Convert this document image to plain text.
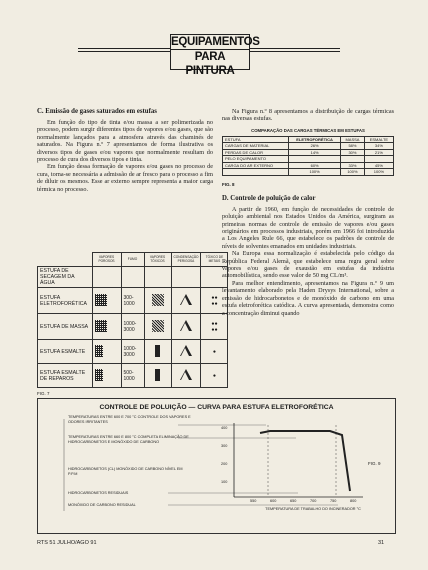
EQUIPAMENTOS
PARA PINTURA
C. Emissão de gases saturados em estufas

Em função do tipo de tinta e/ou massa a ser polimerizada no processo, podem surgir diferentes tipos de vapores e/ou gases, que são normalmente lançados para a atmosfera através das chaminés de saturados. Na Figura n.º 7 apresentamos de forma ilustrativa os diversos tipos de gases e/ou vapores que normalmente resultam do processo de cura dos diversos tipos e tinta.

Em função dessa formação de vapores e/ou gases no processo de cura, torna-se necessária a admissão de ar fresco para o processo a fim de diluir os mesmos. Esse ar externo sempre representa a maior carga térmica no processo.

	VAPORES POROSOS	FUMO	VAPORES TÓXICOS	CONDENSAÇÃO PERIGOSA	TÓXICO DE METAIS
ESTUFA DE SECAGEM DA ÁGUA					
ESTUFA ELETROFORÉTICA		300-1000			●●
●●
ESTUFA DE MASSA		1000-3000			●●
●●
ESTUFA ESMALTE		1000-3000			●
ESTUFA ESMALTE DE REPAROS		500-1000			●
FIG. 7

Na Figura n.º 8 apresentamos a distribuição de cargas térmicas nas diversas estufas.

COMPARAÇÃO DAS CARGAS TÉRMICAS EM ESTUFAS
ESTUFA	ELETROFORÉTICA	MASSA	ESMALTE
CARGAS DE MATERIAL	26%	58%	34%
PERDAS DE CALOR	14%	30%	21%
PELO EQUIPAMENTO			
CARGA DO AR EXTERNO	60%	33%	45%
	100%	100%	100%
FIG. 8
D. Controle de poluição de calor

A partir de 1960, em função de necessidades de controle de poluição ambiental nos Estados Unidos da América, surgiram as primeiras normas de controle de emissão de vapores e/ou gases originários em processos industriais, porém em 1966 foi introduzida a Los Angeles Rule 66, que estabelece os padrões de controle de níveis de solventes emanados em unidades industriais.

Na Europa essa normalização é estabelecida pelo código da República Federal Alemã, que estabelece uma regra geral sobre vapores e/ou gases de exaustão em estufas da indústria automobilística, sendo esse valor de 50 mg CL/m³.

Para melhor entendimento, apresentamos na Figura n.º 9 um levantamento elaborado pela Haden Drysys International, sobre a emissão de hidrocarbonetos e de monóxido de carbono em uma estufa eletroforética catódica. A curva apresentada, demonstra como a concentração diminui quando

CONTROLE DE POLUIÇÃO — CURVA PARA ESTUFA ELETROFORÉTICA
TEMPERATURAS ENTRE 600 E 700 °C CONTROLE DOS VAPORES E ODORES IRRITANTES
TEMPERATURAS ENTRE 660 E 800 °C COMPLETA ELIMINAÇÃO DE HIDROCARBONETOS E MONÓXIDO DE CARBONO
HIDROCARBONETOS (CL) MONÓXIDO DE CARBONO NÍVEL EM P.P.M
HIDROCARBONETOS RESIDUAIS
MONÓXIDO DE CARBONO RESIDUAL
400
300
200
100
550	600	650	700	750	800
TEMPERATURA DE TRABALHO DO INCINERADOR °C
FIG. 9
RTS 51 JULHO/AGO 91	31
